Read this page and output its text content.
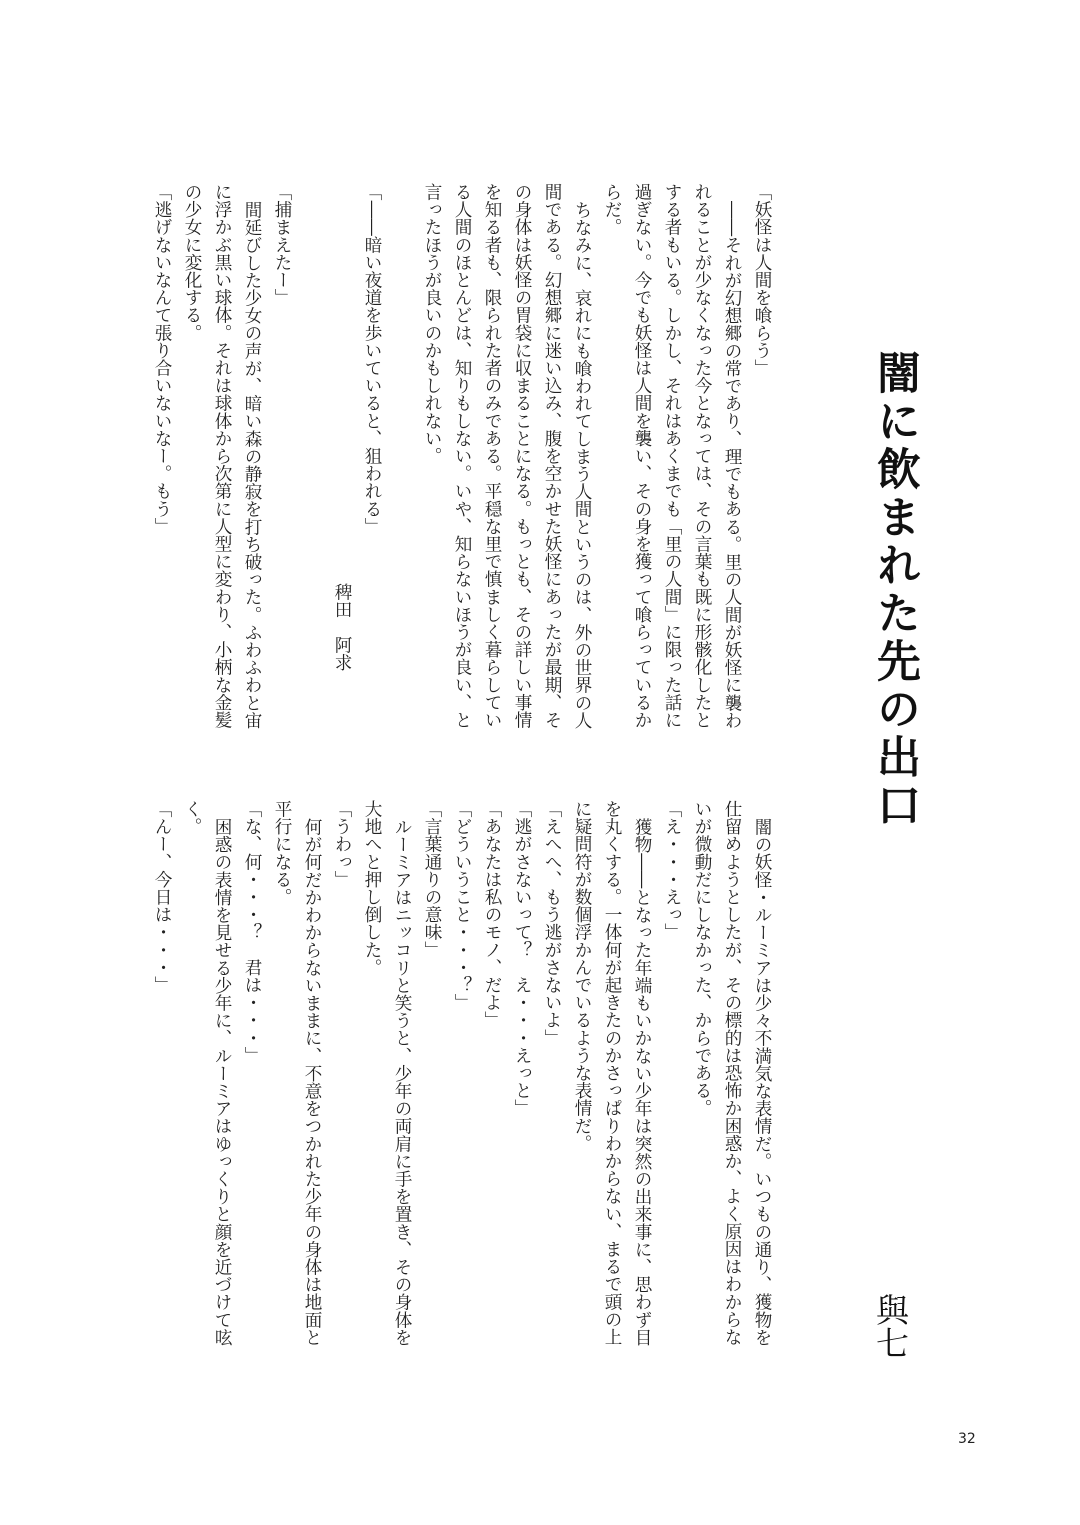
闇に飲まれた先の出口
與七
「妖怪は人間を喰らう」
――それが幻想郷の常であり、理でもある。里の人間が妖怪に襲わ
れることが少なくなった今となっては、その言葉も既に形骸化したと
する者もいる。しかし、それはあくまでも「里の人間」に限った話に
過ぎない。今でも妖怪は人間を襲い、その身を獲って喰らっているか
らだ。
ちなみに、哀れにも喰われてしまう人間というのは、外の世界の人
間である。幻想郷に迷い込み、腹を空かせた妖怪にあったが最期、そ
の身体は妖怪の胃袋に収まることになる。もっとも、その詳しい事情
を知る者も、限られた者のみである。平穏な里で慎ましく暮らしてい
る人間のほとんどは、知りもしない。いや、知らないほうが良い、と
言ったほうが良いのかもしれない。
「――暗い夜道を歩いていると、狙われる」
稗田　阿求
「捕まえたー」
間延びした少女の声が、暗い森の静寂を打ち破った。ふわふわと宙
に浮かぶ黒い球体。それは球体から次第に人型に変わり、小柄な金髪
の少女に変化する。
「逃げないなんて張り合いないなー。もう」
闇の妖怪・ルーミアは少々不満気な表情だ。いつもの通り、獲物を
仕留めようとしたが、その標的は恐怖か困惑か、よく原因はわからな
いが微動だにしなかった、からである。
「え・・・えっ」
獲物――となった年端もいかない少年は突然の出来事に、思わず目
を丸くする。一体何が起きたのかさっぱりわからない、まるで頭の上
に疑問符が数個浮かんでいるような表情だ。
「えへへ、もう逃がさないよ」
「逃がさないって？　え・・・えっと」
「あなたは私のモノ、だよ」
「どういうこと・・・？」
「言葉通りの意味」
ルーミアはニッコリと笑うと、少年の両肩に手を置き、その身体を
大地へと押し倒した。
「うわっ」
何が何だかわからないままに、不意をつかれた少年の身体は地面と
平行になる。
「な、何・・・？　君は・・・」
困惑の表情を見せる少年に、ルーミアはゆっくりと顔を近づけて呟
く。
「んー、今日は・・・」
32
